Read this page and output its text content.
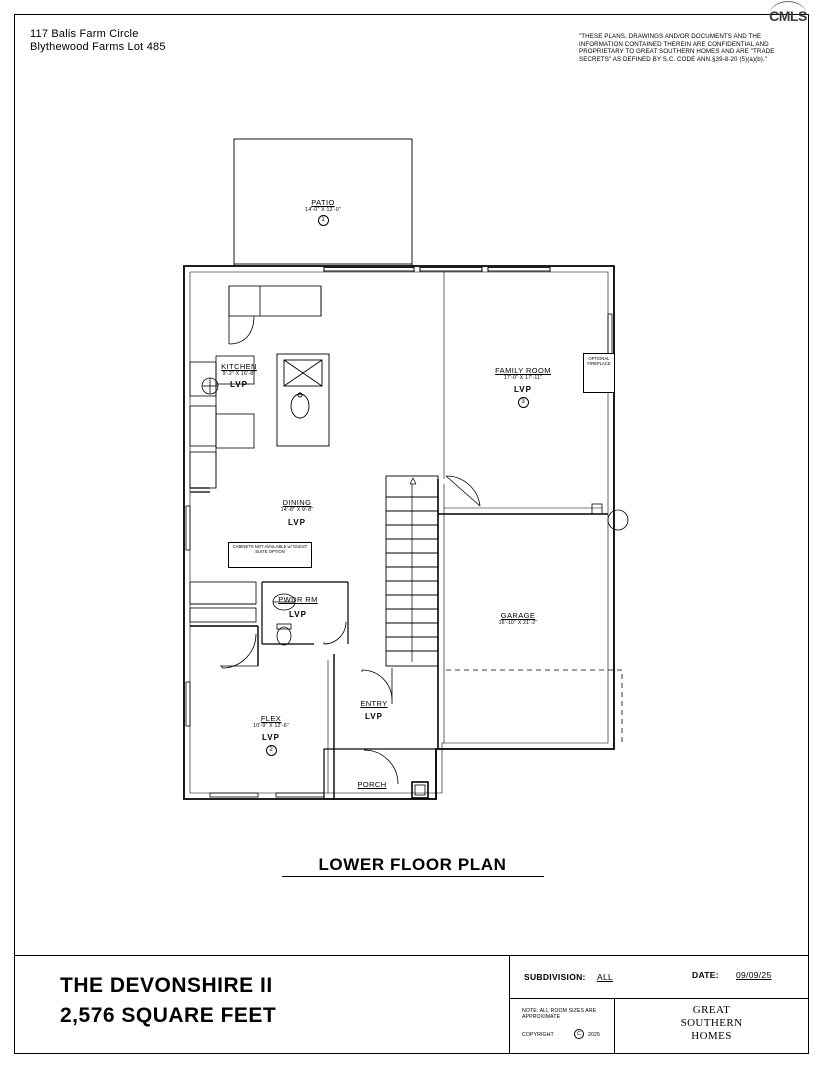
117 Balis Farm Circle
Blythewood Farms Lot 485
"THESE PLANS, DRAWINGS AND/OR DOCUMENTS AND THE INFORMATION CONTAINED THEREIN ARE CONFIDENTIAL AND PROPRIETARY TO GREAT SOUTHERN HOMES AND ARE "TRADE SECRETS" AS DEFINED BY S.C. CODE ANN.§39-8-20 (5)(a)(b)."
CMLS
PATIO
14'-0" X 12'-0"
1
KITCHEN
9'-2" X 16'-8"
LVP
FAMILY ROOM
17'-0" X 17'-11"
LVP
3
OPTIONAL FIREPLACE
DINING
14'-8" X 9'-8"
LVP
CABINETS NOT AVAILABLE w/ GUEST SUITE OPTION
PWDR RM
LVP	GARAGE
16'-10" X 21'-2"
FLEX
10'-9" X 12'-6"
LVP
2
ENTRY
LVP
PORCH
LOWER FLOOR PLAN
THE DEVONSHIRE II
2,576 SQUARE FEET
SUBDIVISION: ALL	DATE: 09/09/25
NOTE: ALL ROOM SIZES ARE APPROXIMATE
COPYRIGHT	C	2025
GREAT
SOUTHERN
HOMES
